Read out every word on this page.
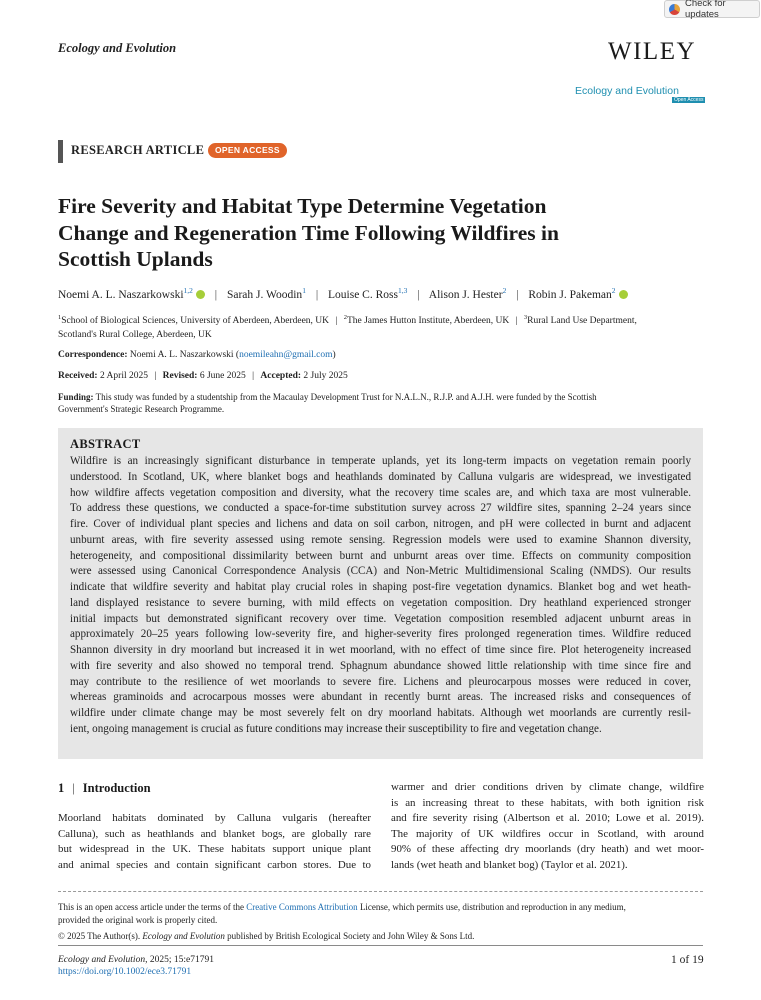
Check for updates
Ecology and Evolution	WILEY
Ecology and Evolution
Open Access
RESEARCH ARTICLE	OPEN ACCESS
Fire Severity and Habitat Type Determine Vegetation
Change and Regeneration Time Following Wildfires in
Scottish Uplands
Noemi A. L. Naszarkowski$^{1,2}$ | Sarah J. Woodin$^1$ | Louise C. Ross$^{1,3}$ | Alison J. Hester$^2$ | Robin J. Pakeman$^2$
$^1$School of Biological Sciences, University of Aberdeen, Aberdeen, UK | $^2$The James Hutton Institute, Aberdeen, UK | $^3$Rural Land Use Department,
Scotland's Rural College, Aberdeen, UK
Correspondence: Noemi A. L. Naszarkowski (noemileahn@gmail.com)
Received: 2 April 2025 | Revised: 6 June 2025 | Accepted: 2 July 2025
Funding: This study was funded by a studentship from the Macaulay Development Trust for N.A.L.N., R.J.P. and A.J.H. were funded by the Scottish
Government's Strategic Research Programme.
ABSTRACT
Wildfire is an increasingly significant disturbance in temperate uplands, yet its long-term impacts on vegetation remain poorly
understood. In Scotland, UK, where blanket bogs and heathlands dominated by Calluna vulgaris are widespread, we investigated
how wildfire affects vegetation composition and diversity, what the recovery time scales are, and which taxa are most vulnerable.
To address these questions, we conducted a space-for-time substitution survey across 27 wildfire sites, spanning 2–24 years since
fire. Cover of individual plant species and lichens and data on soil carbon, nitrogen, and pH were collected in burnt and adjacent
unburnt areas, with fire severity assessed using remote sensing. Regression models were used to examine Shannon diversity,
heterogeneity, and compositional dissimilarity between burnt and unburnt areas over time. Effects on community composition
were assessed using Canonical Correspondence Analysis (CCA) and Non-Metric Multidimensional Scaling (NMDS). Our results
indicate that wildfire severity and habitat play crucial roles in shaping post-fire vegetation dynamics. Blanket bog and wet heath-
land displayed resistance to severe burning, with mild effects on vegetation composition. Dry heathland experienced stronger
initial impacts but demonstrated significant recovery over time. Vegetation composition resembled adjacent unburnt areas in
approximately 20–25 years following low-severity fire, and higher-severity fires prolonged regeneration times. Wildfire reduced
Shannon diversity in dry moorland but increased it in wet moorland, with no effect of time since fire. Plot heterogeneity increased
with fire severity and also showed no temporal trend. Sphagnum abundance showed little relationship with time since fire and
may contribute to the resilience of wet moorlands to severe fire. Lichens and pleurocarpous mosses were reduced in cover,
whereas graminoids and acrocarpous mosses were abundant in recently burnt areas. The increased risks and consequences of
wildfire under climate change may be most severely felt on dry moorland habitats. Although wet moorlands are currently resil-
ient, ongoing management is crucial as future conditions may increase their susceptibility to fire and vegetation change.
1 | Introduction
Moorland habitats dominated by Calluna vulgaris (hereafter
Calluna), such as heathlands and blanket bogs, are globally rare
but widespread in the UK. These habitats support unique plant
and animal species and contain significant carbon stores. Due to
warmer and drier conditions driven by climate change, wildfire
is an increasing threat to these habitats, with both ignition risk
and fire severity rising (Albertson et al. 2010; Lowe et al. 2019).
The majority of UK wildfires occur in Scotland, with around
90% of these affecting dry moorlands (dry heath) and wet moor-
lands (wet heath and blanket bog) (Taylor et al. 2021).
This is an open access article under the terms of the Creative Commons Attribution License, which permits use, distribution and reproduction in any medium,
provided the original work is properly cited.
© 2025 The Author(s). Ecology and Evolution published by British Ecological Society and John Wiley & Sons Ltd.
Ecology and Evolution, 2025; 15:e71791
https://doi.org/10.1002/ece3.71791
1 of 19
